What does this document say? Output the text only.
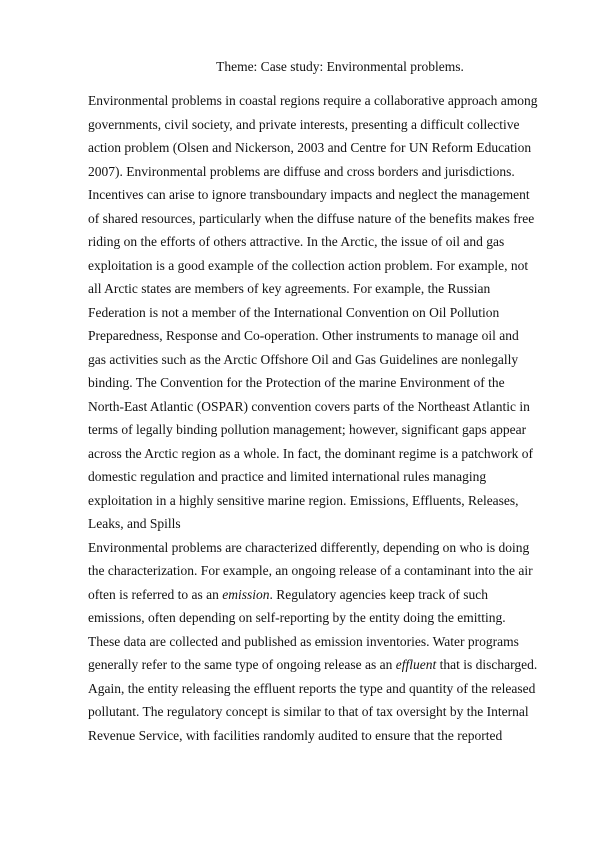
Theme: Case study: Environmental problems.
Environmental problems in coastal regions require a collaborative approach among
governments, civil society, and private interests, presenting a difficult collective
action problem (Olsen and Nickerson, 2003 and Centre for UN Reform Education
2007). Environmental problems are diffuse and cross borders and jurisdictions.
Incentives can arise to ignore transboundary impacts and neglect the management
of shared resources, particularly when the diffuse nature of the benefits makes free
riding on the efforts of others attractive. In the Arctic, the issue of oil and gas
exploitation is a good example of the collection action problem. For example, not
all Arctic states are members of key agreements. For example, the Russian
Federation is not a member of the International Convention on Oil Pollution
Preparedness, Response and Co-operation. Other instruments to manage oil and
gas activities such as the Arctic Offshore Oil and Gas Guidelines are nonlegally
binding. The Convention for the Protection of the marine Environment of the
North-East Atlantic (OSPAR) convention covers parts of the Northeast Atlantic in
terms of legally binding pollution management; however, significant gaps appear
across the Arctic region as a whole. In fact, the dominant regime is a patchwork of
domestic regulation and practice and limited international rules managing
exploitation in a highly sensitive marine region. Emissions, Effluents, Releases,
Leaks, and Spills
Environmental problems are characterized differently, depending on who is doing
the characterization. For example, an ongoing release of a contaminant into the air
often is referred to as an emission. Regulatory agencies keep track of such
emissions, often depending on self-reporting by the entity doing the emitting.
These data are collected and published as emission inventories. Water programs
generally refer to the same type of ongoing release as an effluent that is discharged.
Again, the entity releasing the effluent reports the type and quantity of the released
pollutant. The regulatory concept is similar to that of tax oversight by the Internal
Revenue Service, with facilities randomly audited to ensure that the reported
